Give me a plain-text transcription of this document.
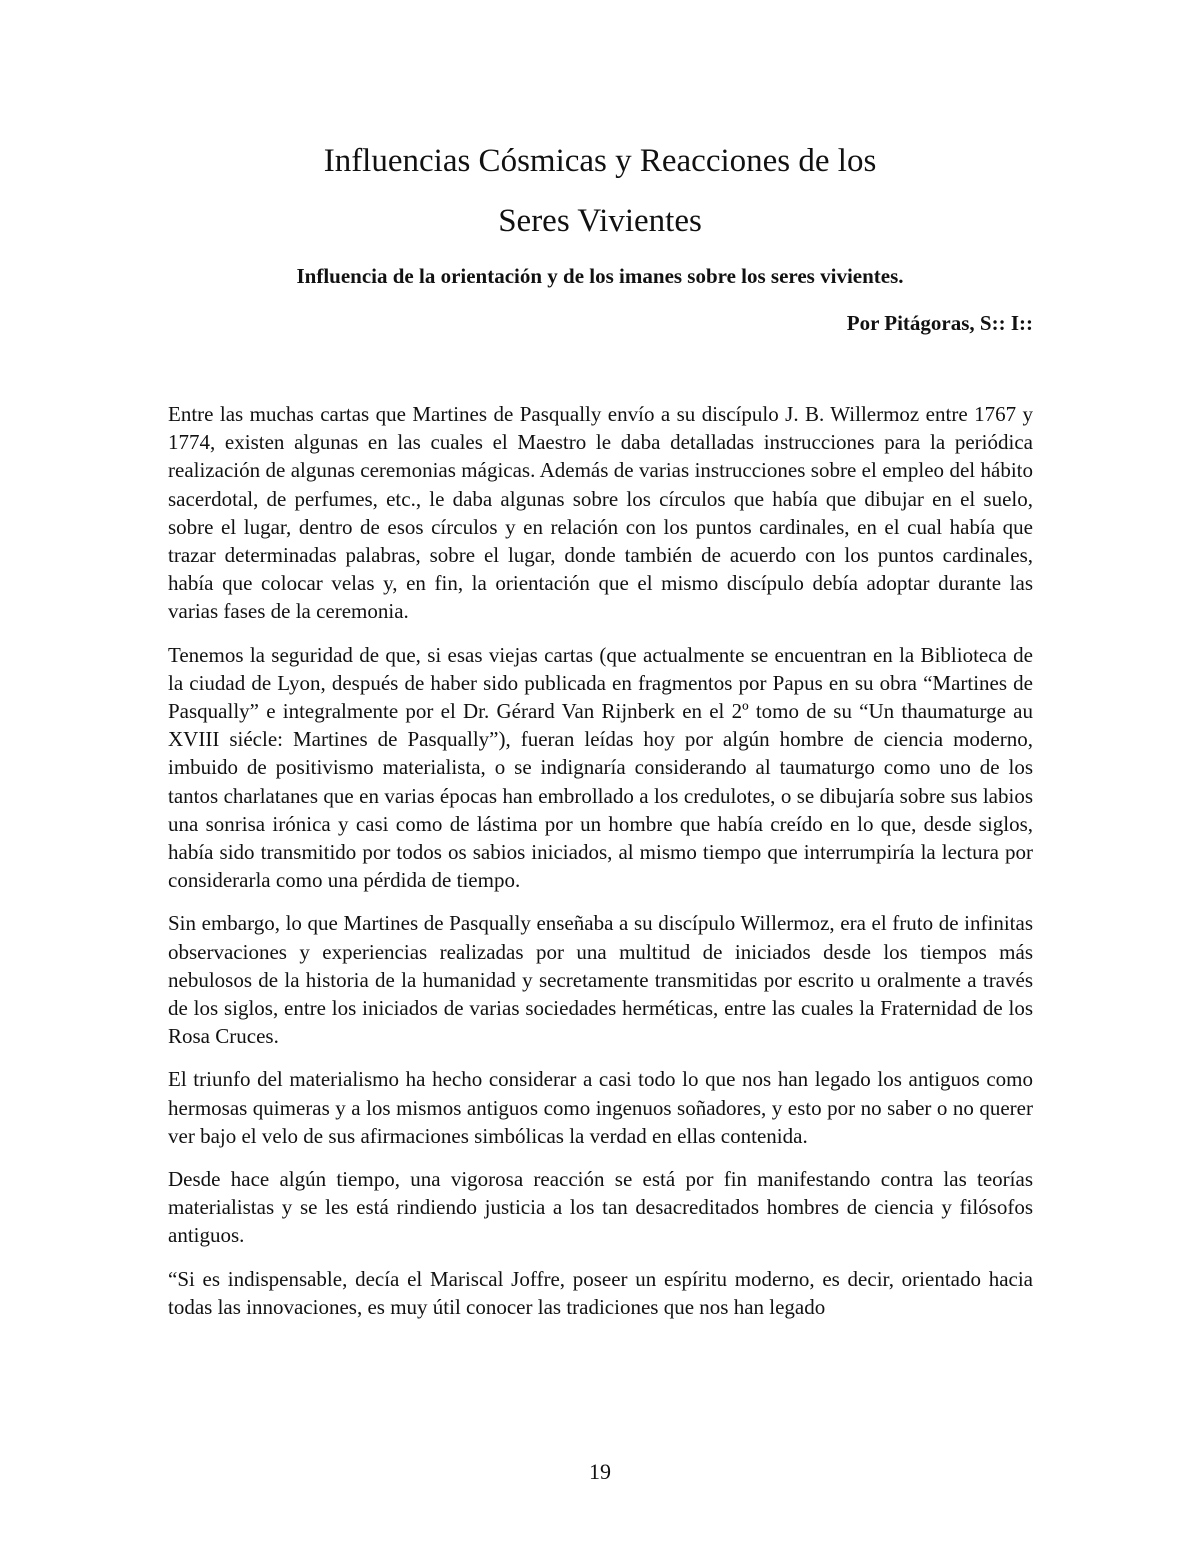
Influencias Cósmicas y Reacciones de los
Seres Vivientes

Influencia de la orientación y de los imanes sobre los seres vivientes.

Por Pitágoras, S:: I::

Entre las muchas cartas que Martines de Pasqually envío a su discípulo J. B. Willermoz entre 1767 y 1774, existen algunas en las cuales el Maestro le daba detalladas instrucciones para la periódica realización de algunas ceremonias mágicas. Además de varias instrucciones sobre el empleo del hábito sacerdotal, de perfumes, etc., le daba algunas sobre los círculos que había que dibujar en el suelo, sobre el lugar, dentro de esos círculos y en relación con los puntos cardinales, en el cual había que trazar determinadas palabras, sobre el lugar, donde también de acuerdo con los puntos cardinales, había que colocar velas y, en fin, la orientación que el mismo discípulo debía adoptar durante las varias fases de la ceremonia.

Tenemos la seguridad de que, si esas viejas cartas (que actualmente se encuentran en la Biblioteca de la ciudad de Lyon, después de haber sido publicada en fragmentos por Papus en su obra “Martines de Pasqually” e integralmente por el Dr. Gérard Van Rijnberk en el 2º tomo de su “Un thaumaturge au XVIII siécle: Martines de Pasqually”), fueran leídas hoy por algún hombre de ciencia moderno, imbuido de positivismo materialista, o se indignaría considerando al taumaturgo como uno de los tantos charlatanes que en varias épocas han embrollado a los credulotes, o se dibujaría sobre sus labios una sonrisa irónica y casi como de lástima por un hombre que había creído en lo que, desde siglos, había sido transmitido por todos os sabios iniciados, al mismo tiempo que interrumpiría la lectura por considerarla como una pérdida de tiempo.

Sin embargo, lo que Martines de Pasqually enseñaba a su discípulo Willermoz, era el fruto de infinitas observaciones y experiencias realizadas por una multitud de iniciados desde los tiempos más nebulosos de la historia de la humanidad y secretamente transmitidas por escrito u oralmente a través de los siglos, entre los iniciados de varias sociedades herméticas, entre las cuales la Fraternidad de los Rosa Cruces.

El triunfo del materialismo ha hecho considerar a casi todo lo que nos han legado los antiguos como hermosas quimeras y a los mismos antiguos como ingenuos soñadores, y esto por no saber o no querer ver bajo el velo de sus afirmaciones simbólicas la verdad en ellas contenida.

Desde hace algún tiempo, una vigorosa reacción se está por fin manifestando contra las teorías materialistas y se les está rindiendo justicia a los tan desacreditados hombres de ciencia y filósofos antiguos.

“Si es indispensable, decía el Mariscal Joffre, poseer un espíritu moderno, es decir, orientado hacia todas las innovaciones, es muy útil conocer las tradiciones que nos han legado

19
